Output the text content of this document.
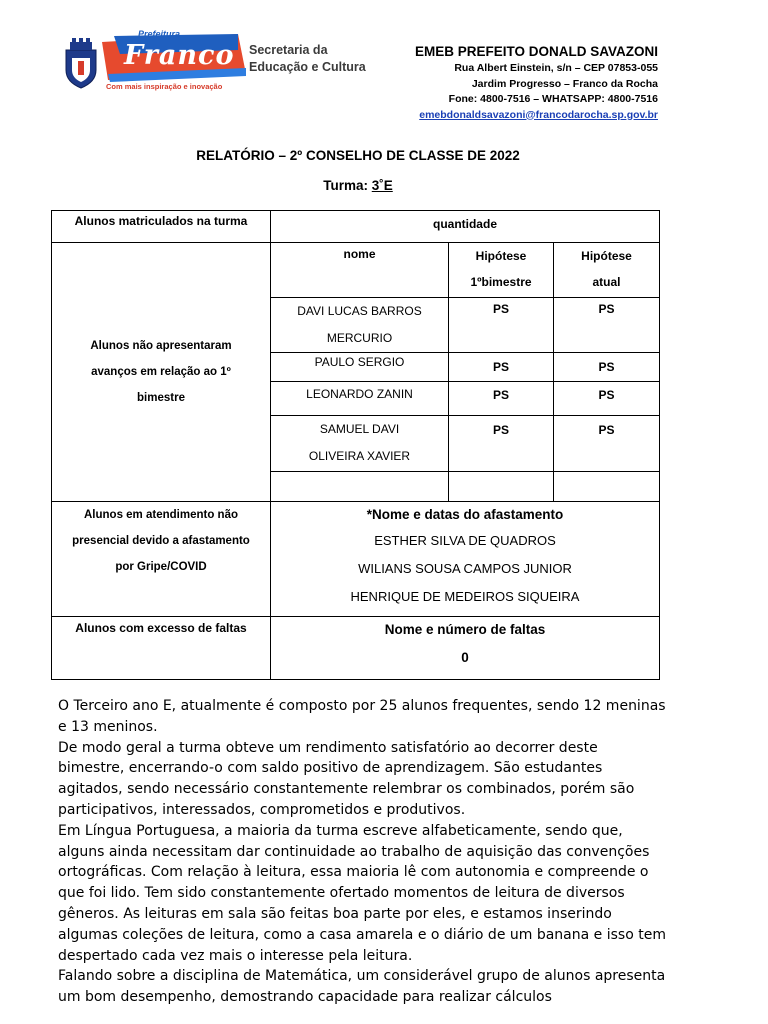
Prefeitura
Franco
Com mais inspiração e inovação
Secretaria da
Educação e Cultura
EMEB PREFEITO DONALD SAVAZONI
Rua Albert Einstein, s/n – CEP 07853-055
Jardim Progresso – Franco da Rocha
Fone: 4800-7516 – WHATSAPP: 4800-7516
emebdonaldsavazoni@francodarocha.sp.gov.br
RELATÓRIO – 2º CONSELHO DE CLASSE DE 2022
Turma: 3˚E
Alunos matriculados na turma	quantidade		

Alunos não apresentaram avanços em relação ao 1º bimestre	nome	Hipótese 1ºbimestre	Hipótese atual
	DAVI LUCAS BARROS MERCURIO	PS	PS
	PAULO SERGIO	PS	PS
	LEONARDO ZANIN	PS	PS
	SAMUEL DAVI OLIVEIRA XAVIER	PS	PS

Alunos em atendimento não presencial devido a afastamento por Gripe/COVID	*Nome e datas do afastamento
ESTHER SILVA DE QUADROS
WILIANS SOUSA CAMPOS JUNIOR
HENRIQUE DE MEDEIROS SIQUEIRA		

Alunos com excesso de faltas	Nome e número de faltas
0		

O Terceiro ano E, atualmente é composto por 25 alunos frequentes, sendo 12 meninas e 13 meninos.

De modo geral a turma obteve um rendimento satisfatório ao decorrer deste bimestre, encerrando-o com saldo positivo de aprendizagem. São estudantes agitados, sendo necessário constantemente relembrar os combinados, porém são participativos, interessados, comprometidos e produtivos.

Em Língua Portuguesa, a maioria da turma escreve alfabeticamente, sendo que, alguns ainda necessitam dar continuidade ao trabalho de aquisição das convenções ortográficas. Com relação à leitura, essa maioria lê com autonomia e compreende o que foi lido. Tem sido constantemente ofertado momentos de leitura de diversos gêneros. As leituras em sala são feitas boa parte por eles, e estamos inserindo algumas coleções de leitura, como a casa amarela e o diário de um banana e isso tem despertado cada vez mais o interesse pela leitura.

Falando sobre a disciplina de Matemática, um considerável grupo de alunos apresenta um bom desempenho, demostrando capacidade para realizar cálculos
